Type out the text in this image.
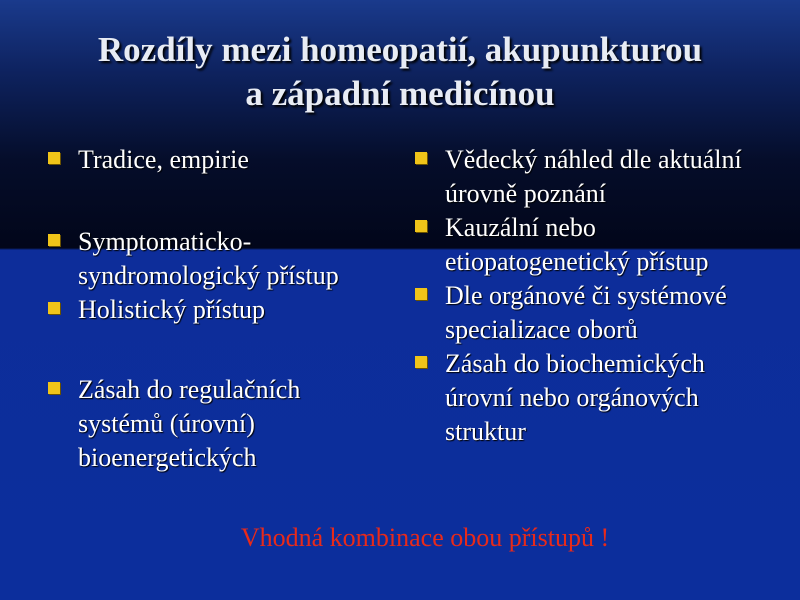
Rozdíly mezi homeopatií, akupunkturou
a západní medicínou
Tradice, empirie
Symptomaticko-syndromologický přístup
Holistický přístup
Zásah do regulačních systémů (úrovní) bioenergetických
Vědecký náhled dle aktuální úrovně poznání
Kauzální nebo etiopatogenetický přístup
Dle orgánové či systémové specializace oborů
Zásah do biochemických úrovní nebo orgánových struktur
Vhodná kombinace obou přístupů !
